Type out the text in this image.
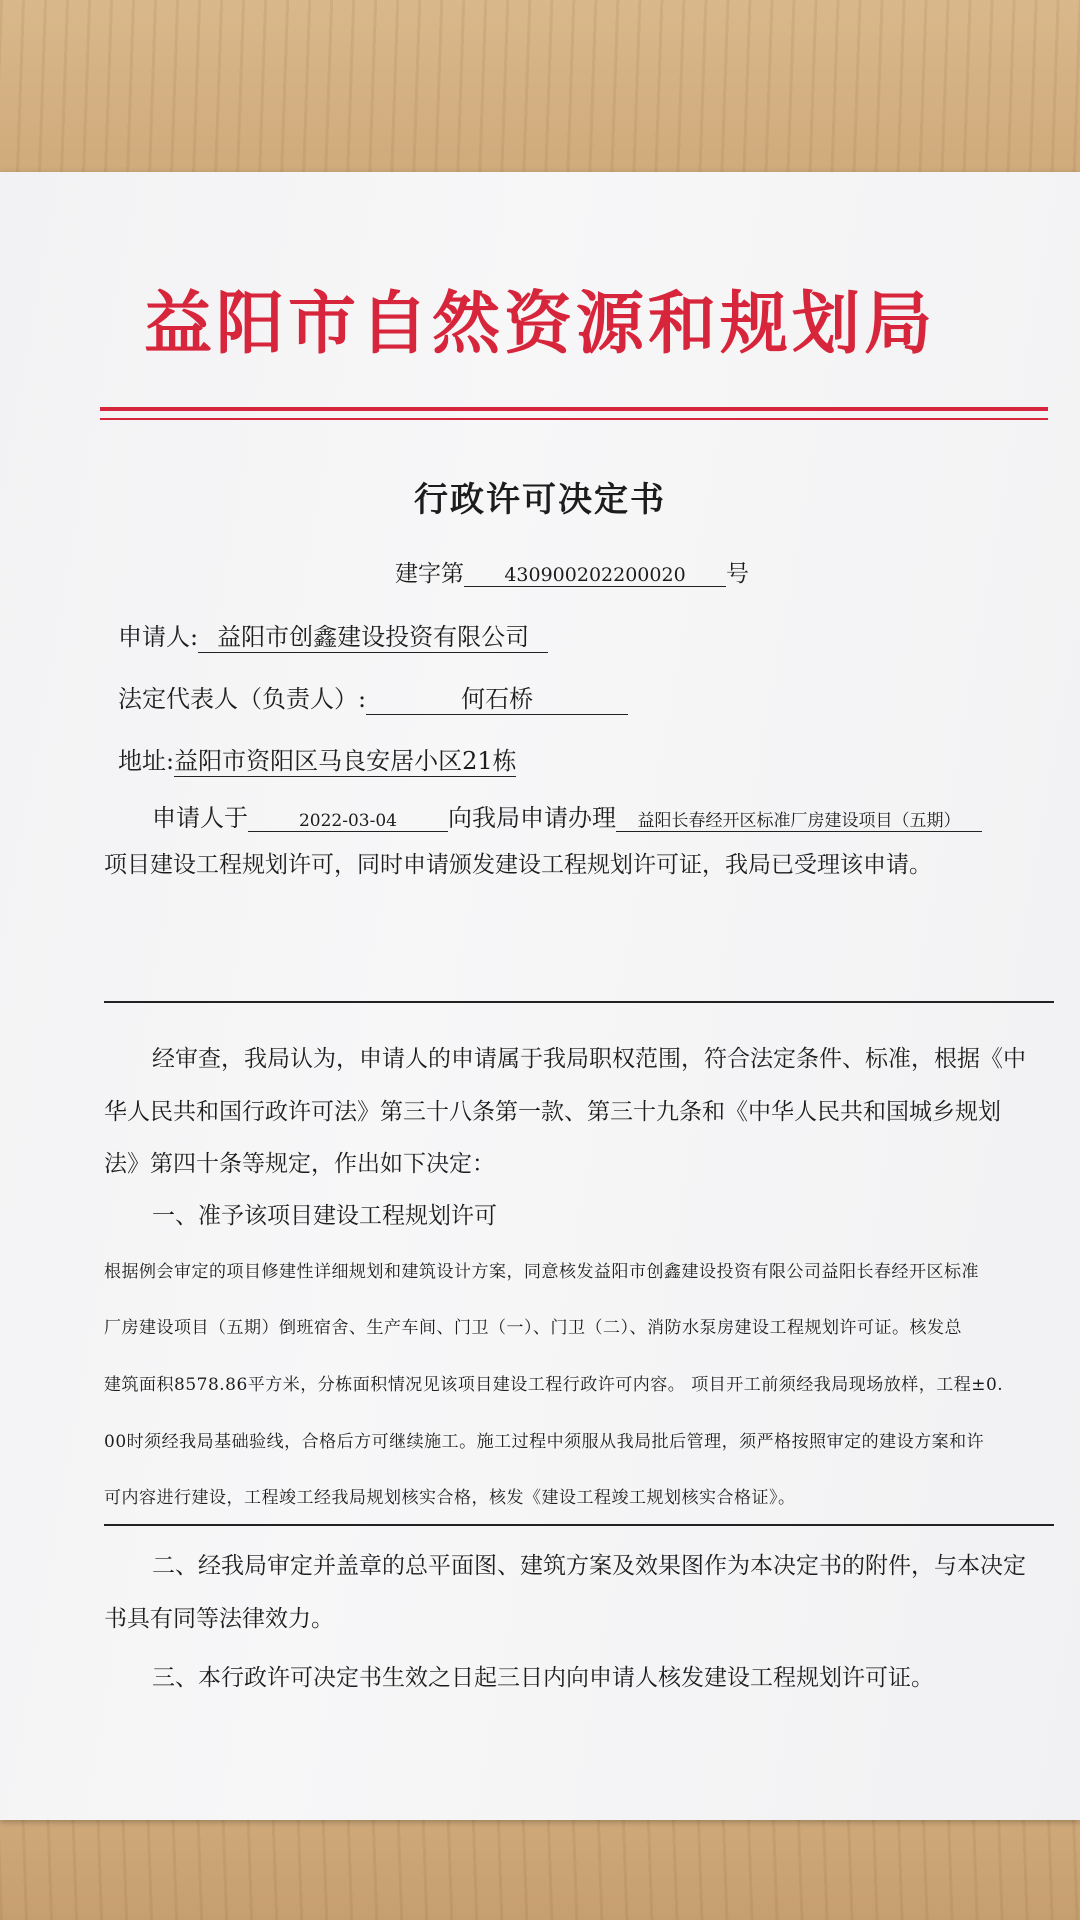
益阳市自然资源和规划局
行政许可决定书
建字第 430900202200020 号
申请人: 益阳市创鑫建设投资有限公司
法定代表人（负责人）:	何石桥
地址:益阳市资阳区马良安居小区21栋
申请人于	2022-03-04 向我局申请办理 益阳长春经开区标准厂房建设项目（五期）
项目建设工程规划许可，同时申请颁发建设工程规划许可证，我局已受理该申请。
经审查，我局认为，申请人的申请属于我局职权范围，符合法定条件、标准，根据《中
华人民共和国行政许可法》第三十八条第一款、第三十九条和《中华人民共和国城乡规划
法》第四十条等规定，作出如下决定：
一、准予该项目建设工程规划许可
根据例会审定的项目修建性详细规划和建筑设计方案，同意核发益阳市创鑫建设投资有限公司益阳长春经开区标准
厂房建设项目（五期）倒班宿舍、生产车间、门卫（一）、门卫（二）、消防水泵房建设工程规划许可证。核发总
建筑面积8578.86平方米，分栋面积情况见该项目建设工程行政许可内容。 项目开工前须经我局现场放样，工程±0.
00时须经我局基础验线，合格后方可继续施工。施工过程中须服从我局批后管理，须严格按照审定的建设方案和许
可内容进行建设，工程竣工经我局规划核实合格，核发《建设工程竣工规划核实合格证》。
二、经我局审定并盖章的总平面图、建筑方案及效果图作为本决定书的附件，与本决定
书具有同等法律效力。
三、本行政许可决定书生效之日起三日内向申请人核发建设工程规划许可证。
